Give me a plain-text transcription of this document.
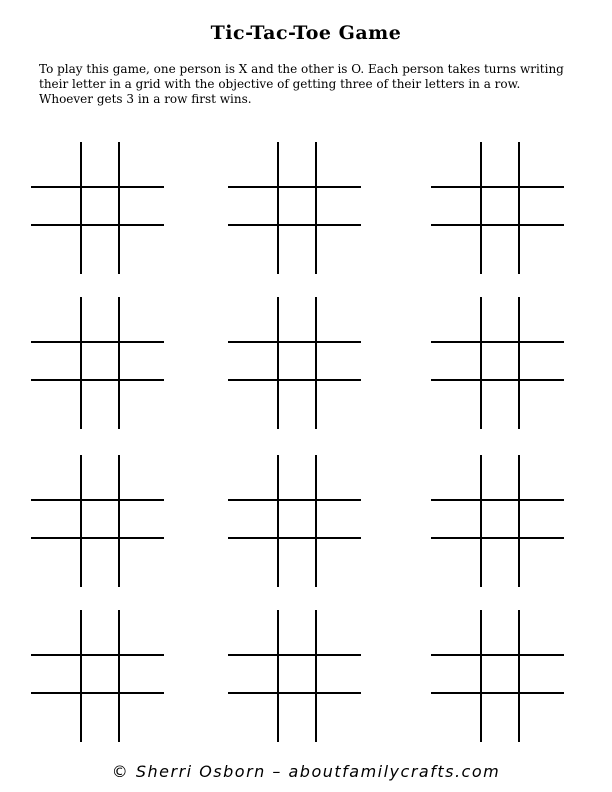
Tic-Tac-Toe Game
To play this game, one person is X and the other is O. Each person takes turns writing their letter in a grid with the objective of getting three of their letters in a row. Whoever gets 3 in a row first wins.
© Sherri Osborn – aboutfamilycrafts.com
